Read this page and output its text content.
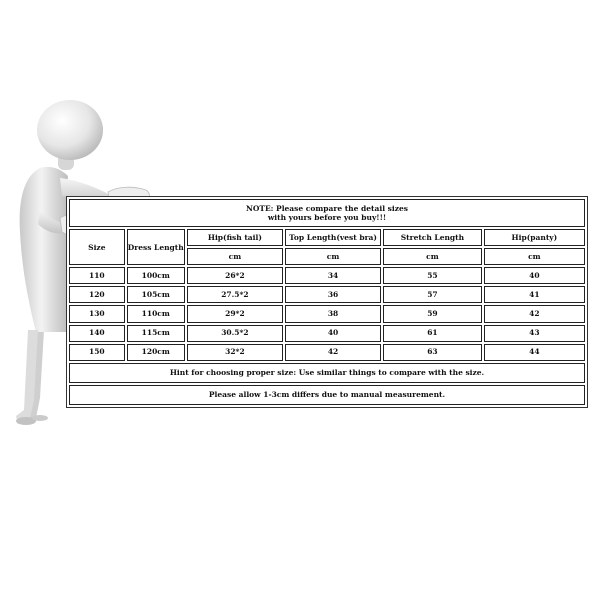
NOTE: Please compare the detail sizes
with yours before you buy!!!					

Size	Dress Length	Hip(fish tail)	Top Length(vest bra)	Stretch Length	Hip(panty)
		cm	cm	cm	cm
110	100cm	26*2	34	55	40
120	105cm	27.5*2	36	57	41
130	110cm	29*2	38	59	42
140	115cm	30.5*2	40	61	43
150	120cm	32*2	42	63	44
Hint for choosing proper size: Use similar things to compare with the size.					
Please allow 1-3cm differs due to manual measurement.					
